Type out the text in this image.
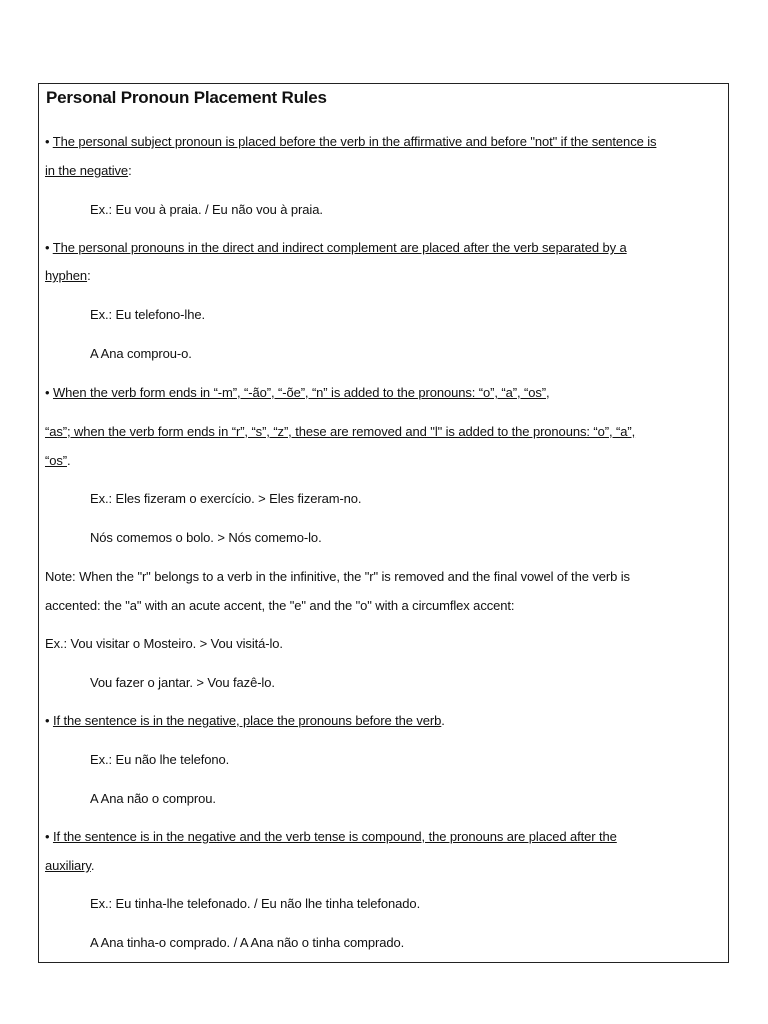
Personal Pronoun Placement Rules
• The personal subject pronoun is placed before the verb in the affirmative and before "not" if the sentence is
in the negative:
Ex.: Eu vou à praia. / Eu não vou à praia.
• The personal pronouns in the direct and indirect complement are placed after the verb separated by a
hyphen:
Ex.: Eu telefono-lhe.
A Ana comprou-o.
• When the verb form ends in “-m”, “-ão”, “-õe”, “n” is added to the pronouns: “o”, “a”, “os”,
“as”; when the verb form ends in “r”, “s”, “z”, these are removed and "l" is added to the pronouns: “o”, “a”,
“os”.
Ex.: Eles fizeram o exercício. > Eles fizeram-no.
Nós comemos o bolo. > Nós comemo-lo.
Note: When the "r" belongs to a verb in the infinitive, the "r" is removed and the final vowel of the verb is
accented: the "a" with an acute accent, the "e" and the "o" with a circumflex accent:
Ex.: Vou visitar o Mosteiro. > Vou visitá-lo.
Vou fazer o jantar. > Vou fazê-lo.
• If the sentence is in the negative, place the pronouns before the verb.
Ex.: Eu não lhe telefono.
A Ana não o comprou.
• If the sentence is in the negative and the verb tense is compound, the pronouns are placed after the
auxiliary.
Ex.: Eu tinha-lhe telefonado. / Eu não lhe tinha telefonado.
A Ana tinha-o comprado. / A Ana não o tinha comprado.
